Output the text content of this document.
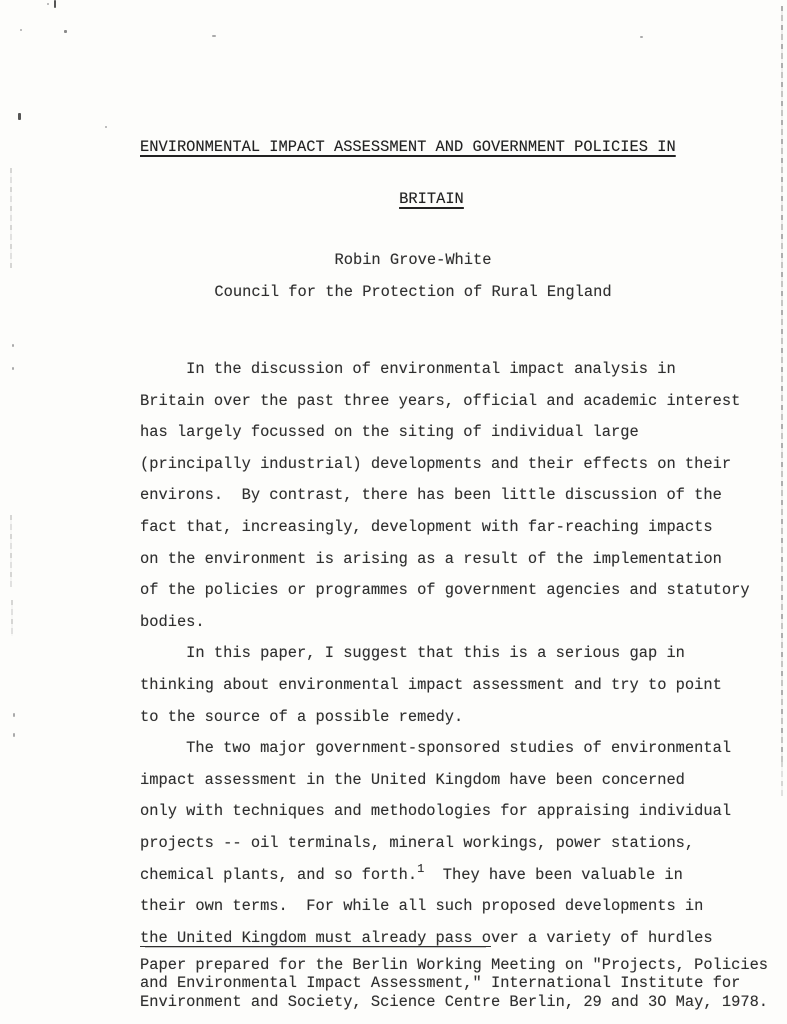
ENVIRONMENTAL IMPACT ASSESSMENT AND GOVERNMENT POLICIES IN

BRITAIN

Robin Grove-White
Council for the Protection of Rural England
In the discussion of environmental impact analysis in
Britain over the past three years, official and academic interest
has largely focussed on the siting of individual large
(principally industrial) developments and their effects on their
environs.  By contrast, there has been little discussion of the
fact that, increasingly, development with far-reaching impacts
on the environment is arising as a result of the implementation
of the policies or programmes of government agencies and statutory
bodies.
In this paper, I suggest that this is a serious gap in
thinking about environmental impact assessment and try to point
to the source of a possible remedy.
The two major government-sponsored studies of environmental
impact assessment in the United Kingdom have been concerned
only with techniques and methodologies for appraising individual
projects -- oil terminals, mineral workings, power stations,
chemical plants, and so forth.$^1$  They have been valuable in
their own terms.  For while all such proposed developments in
the United Kingdom must already pass over a variety of hurdles
Paper prepared for the Berlin Working Meeting on "Projects, Policies
and Environmental Impact Assessment," International Institute for
Environment and Society, Science Centre Berlin, 29 and 3O May, 1978.
